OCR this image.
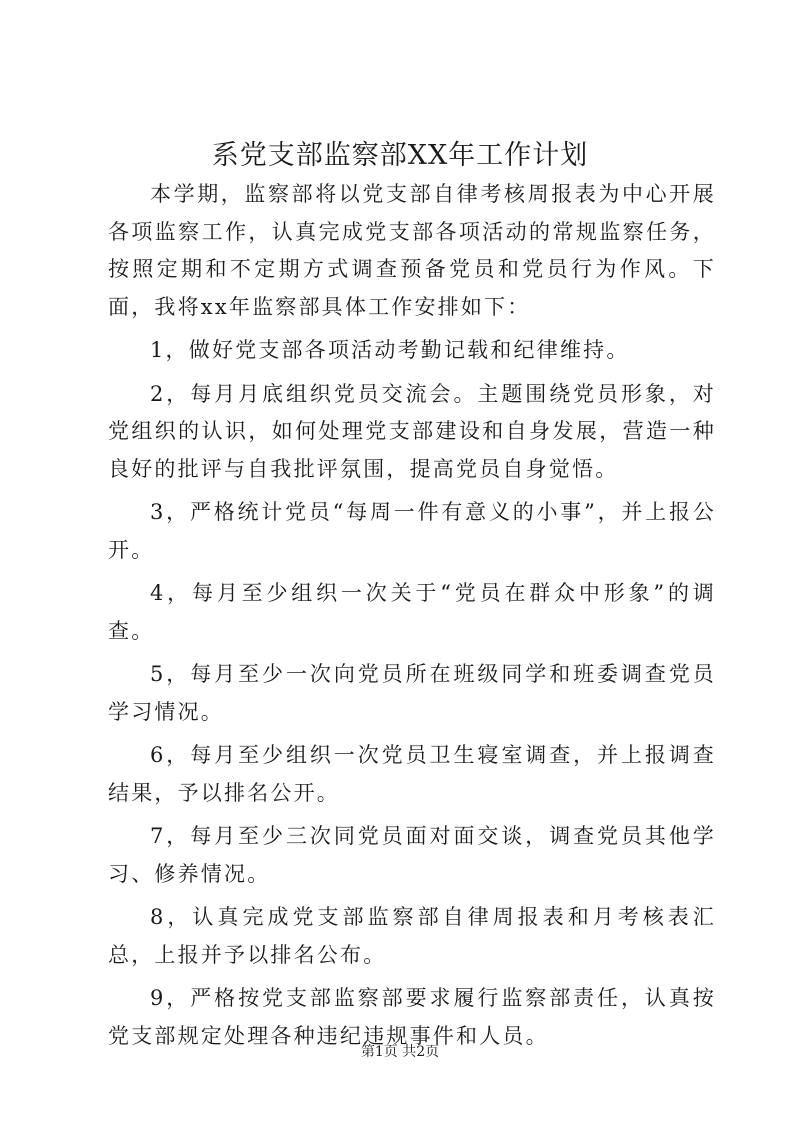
系党支部监察部XX年工作计划

本学期，监察部将以党支部自律考核周报表为中心开展各项监察工作，认真完成党支部各项活动的常规监察任务，按照定期和不定期方式调查预备党员和党员行为作风。下面，我将xx年监察部具体工作安排如下：

1，做好党支部各项活动考勤记载和纪律维持。

2，每月月底组织党员交流会。主题围绕党员形象，对党组织的认识，如何处理党支部建设和自身发展，营造一种良好的批评与自我批评氛围，提高党员自身觉悟。

3，严格统计党员“每周一件有意义的小事”，并上报公开。

4，每月至少组织一次关于“党员在群众中形象”的调查。

5，每月至少一次向党员所在班级同学和班委调查党员学习情况。

6，每月至少组织一次党员卫生寝室调查，并上报调查结果，予以排名公开。

7，每月至少三次同党员面对面交谈，调查党员其他学习、修养情况。

8，认真完成党支部监察部自律周报表和月考核表汇总，上报并予以排名公布。

9，严格按党支部监察部要求履行监察部责任，认真按党支部规定处理各种违纪违规事件和人员。

第1页 共2页
